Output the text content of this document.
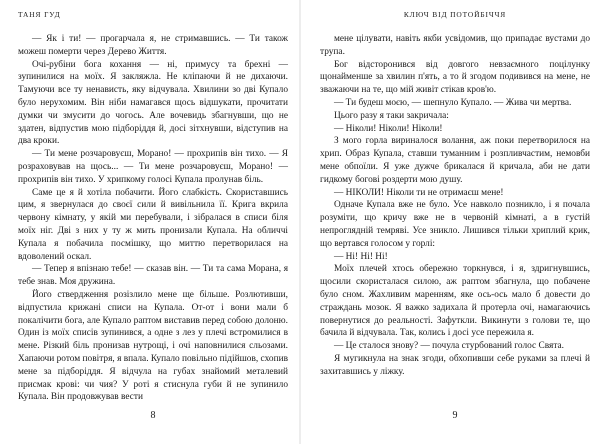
ТАНЯ ГУД

— Як і ти! — прогарчала я, не стримавшись. — Ти також можеш померти через Дерево Життя.

Очі-рубіни бога кохання — ні, примусу та брехні — зупинилися на моїх. Я закляжла. Не кліпаючи й не дихаючи. Тамуючи все ту ненависть, яку відчувала. Хвилини зо дві Купало було нерухомим. Він ніби намагався щось відшукати, прочитати думки чи змусити до чогось. Але вочевидь збагнувши, що не здатен, відпустив мою підборіддя й, досі зітхнувши, відступив на два кроки.

— Ти мене розчаровуєш, Морано! — прохрипів він тихо. — Я розраховував на щось... — Ти мене розчаровуєш, Морано! — прохрипів він тихо. У хрипкому голосі Купала пролунав біль.

Саме це я й хотіла побачити. Його слабкість. Скориставшись цим, я звернулася до своєї сили й вивільнила її. Крига вкрила червону кімнату, у якій ми перебували, і зібралася в списи біля моїх ніг. Дві з них у ту ж мить пронизали Купала. На обличчі Купала я побачила посмішку, що миттю перетворилася на вдоволений оскал.

— Тепер я впізнаю тебе! — сказав він. — Ти та сама Морана, я тебе знав. Моя дружина.

Його ствердження розізлило мене ще більше. Розлютивши, відпустила крижані списи на Купала. От-от і вони мали б покалічити бога, але Купало раптом виставив перед собою долоню. Один із моїх списів зупинився, а одне з лез у плечі встромилися в мене. Різкий біль пронизав нутрощі, і очі наповнилися сльозами. Хапаючи ротом повітря, я впала. Купало повільно підійшов, схопив мене за підборіддя. Я відчула на губах знайомий металевий присмак крові: чи чия? У роті я стиснула губи й не зупинило Купала. Він продовжував вести

8
КЛЮЧ ВІД ПОТОЙБІЧЧЯ

мене цілувати, навіть якби усвідомив, що припадає вустами до трупа.

Бог відсторонився від довгого невзаємного поцілунку щонайменше за хвилин п'ять, а то й згодом подивився на мене, не зважаючи на те, що мій живіт стікав кров'ю.

— Ти будеш моєю, — шепнуло Купало. — Жива чи мертва.

Цього разу я таки закричала:

— Ніколи! Ніколи! Ніколи!

З мого горла вириналося волання, аж поки перетворилося на хрип. Образ Купала, ставши туманним і розпливчастим, немовби мене обпоїли. Я уже дужче брикалася й кричала, аби не дати гидкому богові роздерти мою душу.

— НІКОЛИ! Ніколи ти не отримаєш мене!

Одначе Купала вже не було. Усе навколо позникло, і я почала розуміти, що кричу вже не в червоній кімнаті, а в густій непроглядній темряві. Усе зникло. Лишився тільки хриплий крик, що вертався голосом у горлі:

— Ні! Ні! Ні!

Моїх плечей хтось обережно торкнувся, і я, здригнувшись, щосили скористалася силою, аж раптом збагнула, що побачене було сном. Жахливим маренням, яке ось-ось мало б довести до страждань мозок. Я важко задихала й протерла очі, намагаючись повернутися до реальності. Зафуткли. Викинути з голови те, що бачила й відчувала. Так, колись і досі усе пережила я.

— Це сталося знову? — почула стурбований голос Свята.

Я мугикнула на знак згоди, обхопивши себе руками за плечі й захитавшись у ліжку.

9
